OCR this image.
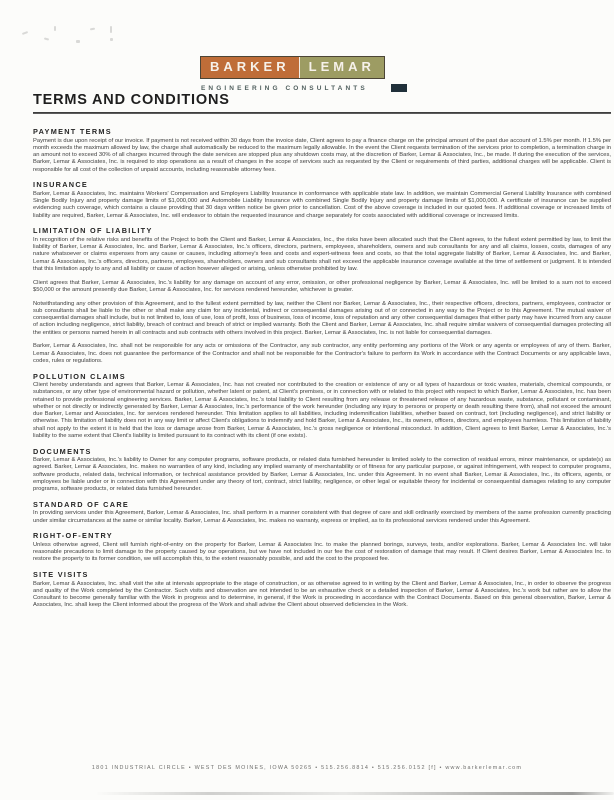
BARKER	LEMAR
ENGINEERING CONSULTANTS
TERMS AND CONDITIONS
PAYMENT TERMS

Payment is due upon receipt of our invoice. If payment is not received within 30 days from the invoice date, Client agrees to pay a finance charge on the principal amount of the past due account of 1.5% per month. If 1.5% per month exceeds the maximum allowed by law, the charge shall automatically be reduced to the maximum legally allowable. In the event the Client requests termination of the services prior to completion, a termination charge in an amount not to exceed 30% of all charges incurred through the date services are stopped plus any shutdown costs may, at the discretion of Barker, Lemar & Associates, Inc., be made. If during the execution of the services, Barker, Lemar & Associates, Inc. is required to stop operations as a result of changes in the scope of services such as requested by the Client or requirements of third parties, additional charges will be applicable. Client is responsible for all cost of the collection of unpaid accounts, including reasonable attorney fees.

INSURANCE

Barker, Lemar & Associates, Inc. maintains Workers' Compensation and Employers Liability Insurance in conformance with applicable state law. In addition, we maintain Commercial General Liability Insurance with combined Single Bodily Injury and property damage limits of $1,000,000 and Automobile Liability Insurance with combined Single Bodily Injury and property damage limits of $1,000,000. A certificate of insurance can be supplied evidencing such coverage, which contains a clause providing that 30 days written notice be given prior to cancellation. Cost of the above coverage is included in our quoted fees. If additional coverage or increased limits of liability are required, Barker, Lemar & Associates, Inc. will endeavor to obtain the requested insurance and charge separately for costs associated with additional coverage or increased limits.

LIMITATION OF LIABILITY

In recognition of the relative risks and benefits of the Project to both the Client and Barker, Lemar & Associates, Inc., the risks have been allocated such that the Client agrees, to the fullest extent permitted by law, to limit the liability of Barker, Lemar & Associates, Inc. and Barker, Lemar & Associates, Inc.'s officers, directors, partners, employees, shareholders, owners and sub consultants for any and all claims, losses, costs, damages of any nature whatsoever or claims expenses from any cause or causes, including attorney's fees and costs and expert-witness fees and costs, so that the total aggregate liability of Barker, Lemar & Associates, Inc. and Barker, Lemar & Associates, Inc.'s officers, directors, partners, employees, shareholders, owners and sub consultants shall not exceed the applicable insurance coverage available at the time of settlement or judgment. It is intended that this limitation apply to any and all liability or cause of action however alleged or arising, unless otherwise prohibited by law.

Client agrees that Barker, Lemar & Associates, Inc.'s liability for any damage on account of any error, omission, or other professional negligence by Barker, Lemar & Associates, Inc. will be limited to a sum not to exceed $50,000 or the amount presently due Barker, Lemar & Associates, Inc. for services rendered hereunder, whichever is greater.

Notwithstanding any other provision of this Agreement, and to the fullest extent permitted by law, neither the Client nor Barker, Lemar & Associates, Inc., their respective officers, directors, partners, employees, contractor or sub consultants shall be liable to the other or shall make any claim for any incidental, indirect or consequential damages arising out of or connected in any way to the Project or to this Agreement. The mutual waiver of consequential damages shall include, but is not limited to, loss of use, loss of profit, loss of business, loss of income, loss of reputation and any other consequential damages that either party may have incurred from any cause of action including negligence, strict liability, breach of contract and breach of strict or implied warranty. Both the Client and Barker, Lemar & Associates, Inc. shall require similar waivers of consequential damages protecting all the entities or persons named herein in all contracts and sub contracts with others involved in this project. Barker, Lemar & Associates, Inc. is not liable for consequential damages.

Barker, Lemar & Associates, Inc. shall not be responsible for any acts or omissions of the Contractor, any sub contractor, any entity performing any portions of the Work or any agents or employees of any of them. Barker, Lemar & Associates, Inc. does not guarantee the performance of the Contractor and shall not be responsible for the Contractor's failure to perform its Work in accordance with the Contract Documents or any applicable laws, codes, rules or regulations.

POLLUTION CLAIMS

Client hereby understands and agrees that Barker, Lemar & Associates, Inc. has not created nor contributed to the creation or existence of any or all types of hazardous or toxic wastes, materials, chemical compounds, or substances, or any other type of environmental hazard or pollution, whether latent or patent, at Client's premises, or in connection with or related to this project with respect to which Barker, Lemar & Associates, Inc. has been retained to provide professional engineering services. Barker, Lemar & Associates, Inc.'s total liability to Client resulting from any release or threatened release of any hazardous waste, substance, pollutant or contaminant, whether or not directly or indirectly generated by Barker, Lemar & Associates, Inc.'s performance of the work hereunder (including any injury to persons or property or death resulting there from), shall not exceed the amount due Barker, Lemar and Associates, Inc. for services rendered hereunder. This limitation applies to all liabilities, including indemnification liabilities, whether based on contract, tort (including negligence), and strict liability or otherwise. This limitation of liability does not in any way limit or affect Client's obligations to indemnify and hold Barker, Lemar & Associates, Inc., its owners, officers, directors, and employees harmless. This limitation of liability shall not apply to the extent it is held that the loss or damage arose from Barker, Lemar & Associates, Inc.'s gross negligence or intentional misconduct. In addition, Client agrees to limit Barker, Lemar & Associates, Inc.'s liability to the same extent that Client's liability is limited pursuant to its contract with its client (if one exists).

DOCUMENTS

Barker, Lemar & Associates, Inc.'s liability to Owner for any computer programs, software products, or related data furnished hereunder is limited solely to the correction of residual errors, minor maintenance, or update(s) as agreed. Barker, Lemar & Associates, Inc. makes no warranties of any kind, including any implied warranty of merchantability or of fitness for any particular purpose, or against infringement, with respect to computer programs, software products, related data, technical information, or technical assistance provided by Barker, Lemar & Associates, Inc. under this Agreement. In no event shall Barker, Lemar & Associates, Inc., its officers, agents, or employees be liable under or in connection with this Agreement under any theory of tort, contract, strict liability, negligence, or other legal or equitable theory for incidental or consequential damages relating to any computer programs, software products, or related data furnished hereunder.

STANDARD OF CARE

In providing services under this Agreement, Barker, Lemar & Associates, Inc. shall perform in a manner consistent with that degree of care and skill ordinarily exercised by members of the same profession currently practicing under similar circumstances at the same or similar locality. Barker, Lemar & Associates, Inc. makes no warranty, express or implied, as to its professional services rendered under this Agreement.

RIGHT-OF-ENTRY

Unless otherwise agreed, Client will furnish right-of-entry on the property for Barker, Lemar & Associates Inc. to make the planned borings, surveys, tests, and/or explorations. Barker, Lemar & Associates Inc. will take reasonable precautions to limit damage to the property caused by our operations, but we have not included in our fee the cost of restoration of damage that may result. If Client desires Barker, Lemar & Associates Inc. to restore the property to its former condition, we will accomplish this, to the extent reasonably possible, and add the cost to the proposed fee.

SITE VISITS

Barker, Lemar & Associates, Inc. shall visit the site at intervals appropriate to the stage of construction, or as otherwise agreed to in writing by the Client and Barker, Lemar & Associates, Inc., in order to observe the progress and quality of the Work completed by the Contractor. Such visits and observation are not intended to be an exhaustive check or a detailed inspection of Barker, Lemar & Associates, Inc.'s work but rather are to allow the Consultant to become generally familiar with the Work in progress and to determine, in general, if the Work is proceeding in accordance with the Contract Documents. Based on this general observation, Barker, Lemar & Associates, Inc. shall keep the Client informed about the progress of the Work and shall advise the Client about observed deficiencies in the Work.

1801 INDUSTRIAL CIRCLE • WEST DES MOINES, IOWA 50265 • 515.256.8814 • 515.256.0152 [f] • www.barkerlemar.com
